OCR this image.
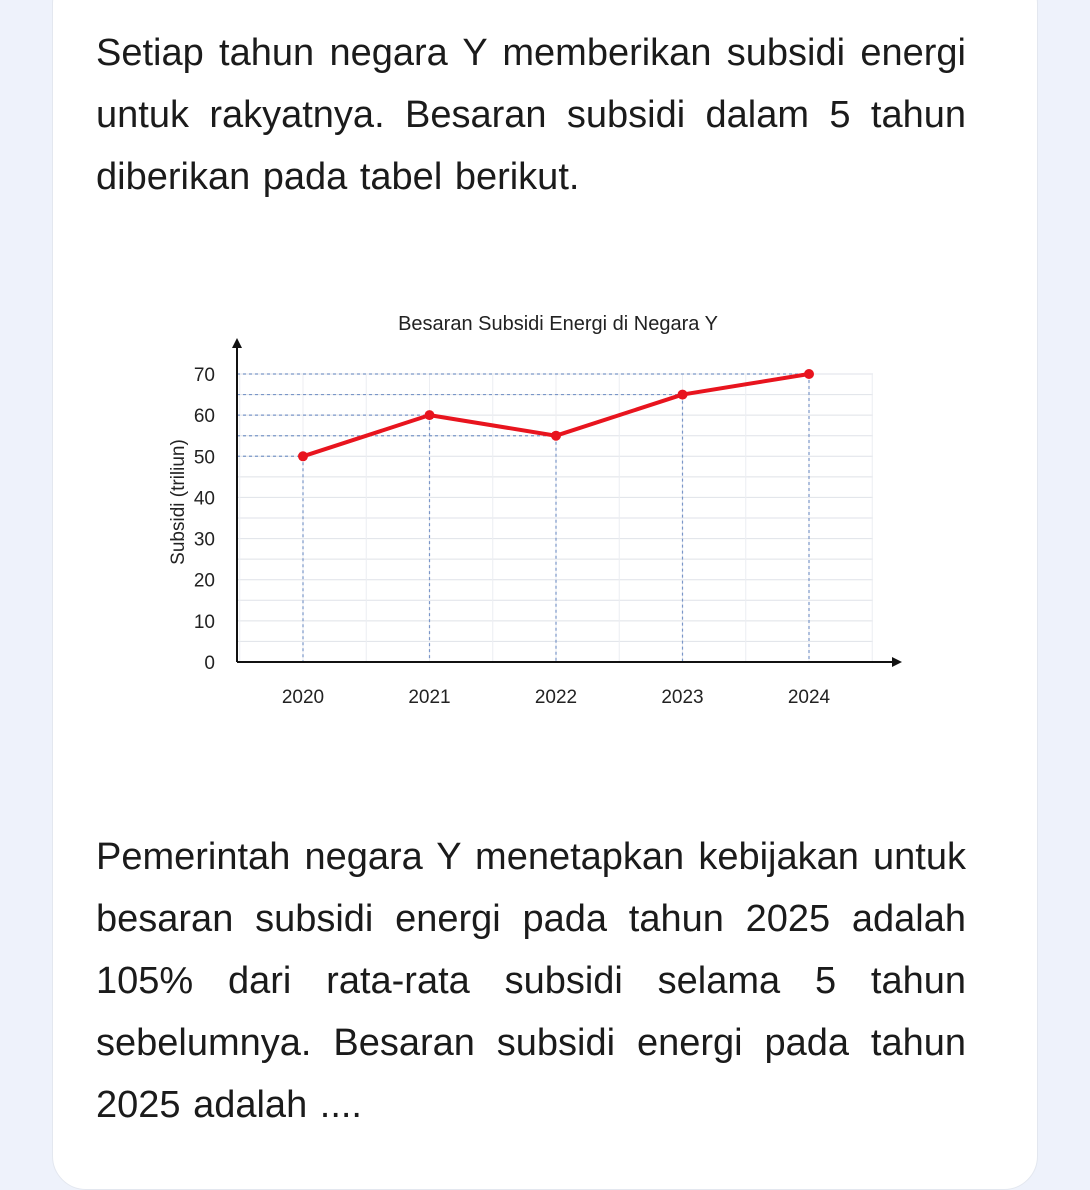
Setiap tahun negara Y memberikan subsidi energi untuk rakyatnya. Besaran subsidi dalam 5 tahun diberikan pada tabel berikut.

Besaran Subsidi Energi di Negara Y
Subsidi (triliun)
0
10
20
30
40
50
60
70
2020	2021	2022	2023	2024

Pemerintah negara Y menetapkan kebijakan untuk besaran subsidi energi pada tahun 2025 adalah 105% dari rata-rata subsidi selama 5 tahun sebelumnya. Besaran subsidi energi pada tahun 2025 adalah ....
